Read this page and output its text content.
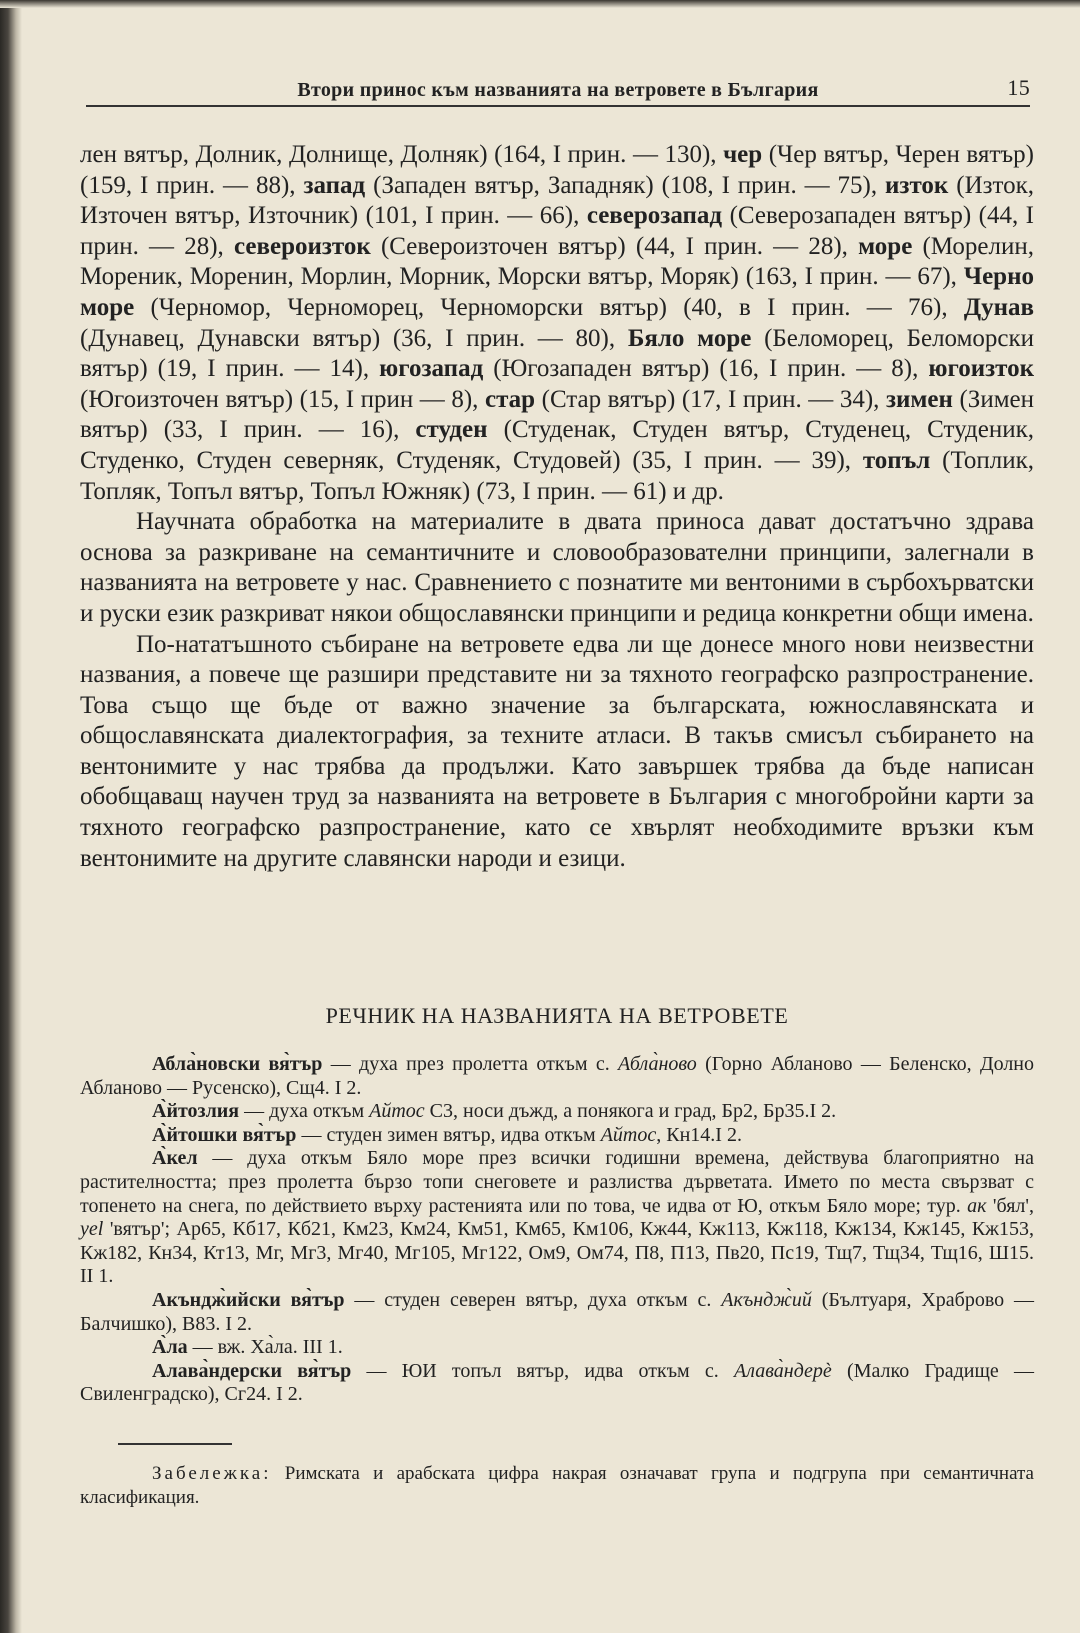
Втори принос към названията на ветровете в България	15

лен вятър, Долник, Долнище, Долняк) (164, I прин. — 130), чер (Чер вятър, Черен вятър) (159, I прин. — 88), запад (Западен вятър, Западняк) (108, I прин. — 75), изток (Изток, Източен вятър, Източник) (101, I прин. — 66), северозапад (Северозападен вятър) (44, I прин. — 28), североизток (Североизточен вятър) (44, I прин. — 28), море (Морелин, Мореник, Моренин, Морлин, Морник, Морски вятър, Моряк) (163, I прин. — 67), Черно море (Черномор, Черноморец, Черноморски вятър) (40, в I прин. — 76), Дунав (Дунавец, Дунавски вятър) (36, I прин. — 80), Бяло море (Беломорец, Беломорски вятър) (19, I прин. — 14), югозапад (Югозападен вятър) (16, I прин. — 8), югоизток (Югоизточен вятър) (15, I прин — 8), стар (Стар вятър) (17, I прин. — 34), зимен (Зимен вятър) (33, I прин. — 16), студен (Студенак, Студен вятър, Студенец, Студеник, Студенко, Студен северняк, Студеняк, Студовей) (35, I прин. — 39), топъл (Топлик, Топляк, Топъл вятър, Топъл Южняк) (73, I прин. — 61) и др.

Научната обработка на материалите в двата приноса дават достатъчно здрава основа за разкриване на семантичните и словообразователни принципи, залегнали в названията на ветровете у нас. Сравнението с познатите ми вентоними в сърбохърватски и руски език разкриват някои общославянски принципи и редица конкретни общи имена.

По-нататъшното събиране на ветровете едва ли ще донесе много нови неизвестни названия, а повече ще разшири представите ни за тяхното географско разпространение. Това също ще бъде от важно значение за българската, южнославянската и общославянската диалектография, за техните атласи. В такъв смисъл събирането на вентонимите у нас трябва да продължи. Като завършек трябва да бъде написан обобщаващ научен труд за названията на ветровете в България с многобройни карти за тяхното географско разпространение, като се хвърлят необходимите връзки към вентонимите на другите славянски народи и езици.

РЕЧНИК НА НАЗВАНИЯТА НА ВЕТРОВЕТЕ

Абла̀новски вя̀тър — духа през пролетта откъм с. Абла̀ново (Горно Абланово — Беленско, Долно Абланово — Русенско), Сщ4. I 2.

А̀йтозлия — духа откъм Айтос С3, носи дъжд, а понякога и град, Бр2, Бр35.I 2.

А̀йтошки вя̀тър — студен зимен вятър, идва откъм Айтос, Кн14.I 2.

А̀кел — духа откъм Бяло море през всички годишни времена, действува благоприятно на растителността; през пролетта бързо топи снеговете и разлиства дърветата. Името по места свързват с топенето на снега, по действието върху растенията или по това, че идва от Ю, откъм Бяло море; тур. ак 'бял', yel 'вятър'; Ар65, Кб17, Кб21, Км23, Км24, Км51, Км65, Км106, Кж44, Кж113, Кж118, Кж134, Кж145, Кж153, Кж182, Кн34, Кт13, Мг, Мг3, Мг40, Мг105, Мг122, Ом9, Ом74, П8, П13, Пв20, Пс19, Тщ7, Тщ34, Тщ16, Ш15. II 1.

Акъндж̀ийски вя̀тър — студен северен вятър, духа откъм с. Акъндж̀ий (Бълтуаря, Храброво — Балчишко), В83. I 2.

А̀ла — вж. Ха̀ла. III 1.

Алава̀ндерски вя̀тър — ЮИ топъл вятър, идва откъм с. Алава̀ндерѐ (Малко Градище — Свиленградско), Сг24. I 2.

Забележка: Римската и арабската цифра накрая означават група и подгрупа при семантичната класификация.
